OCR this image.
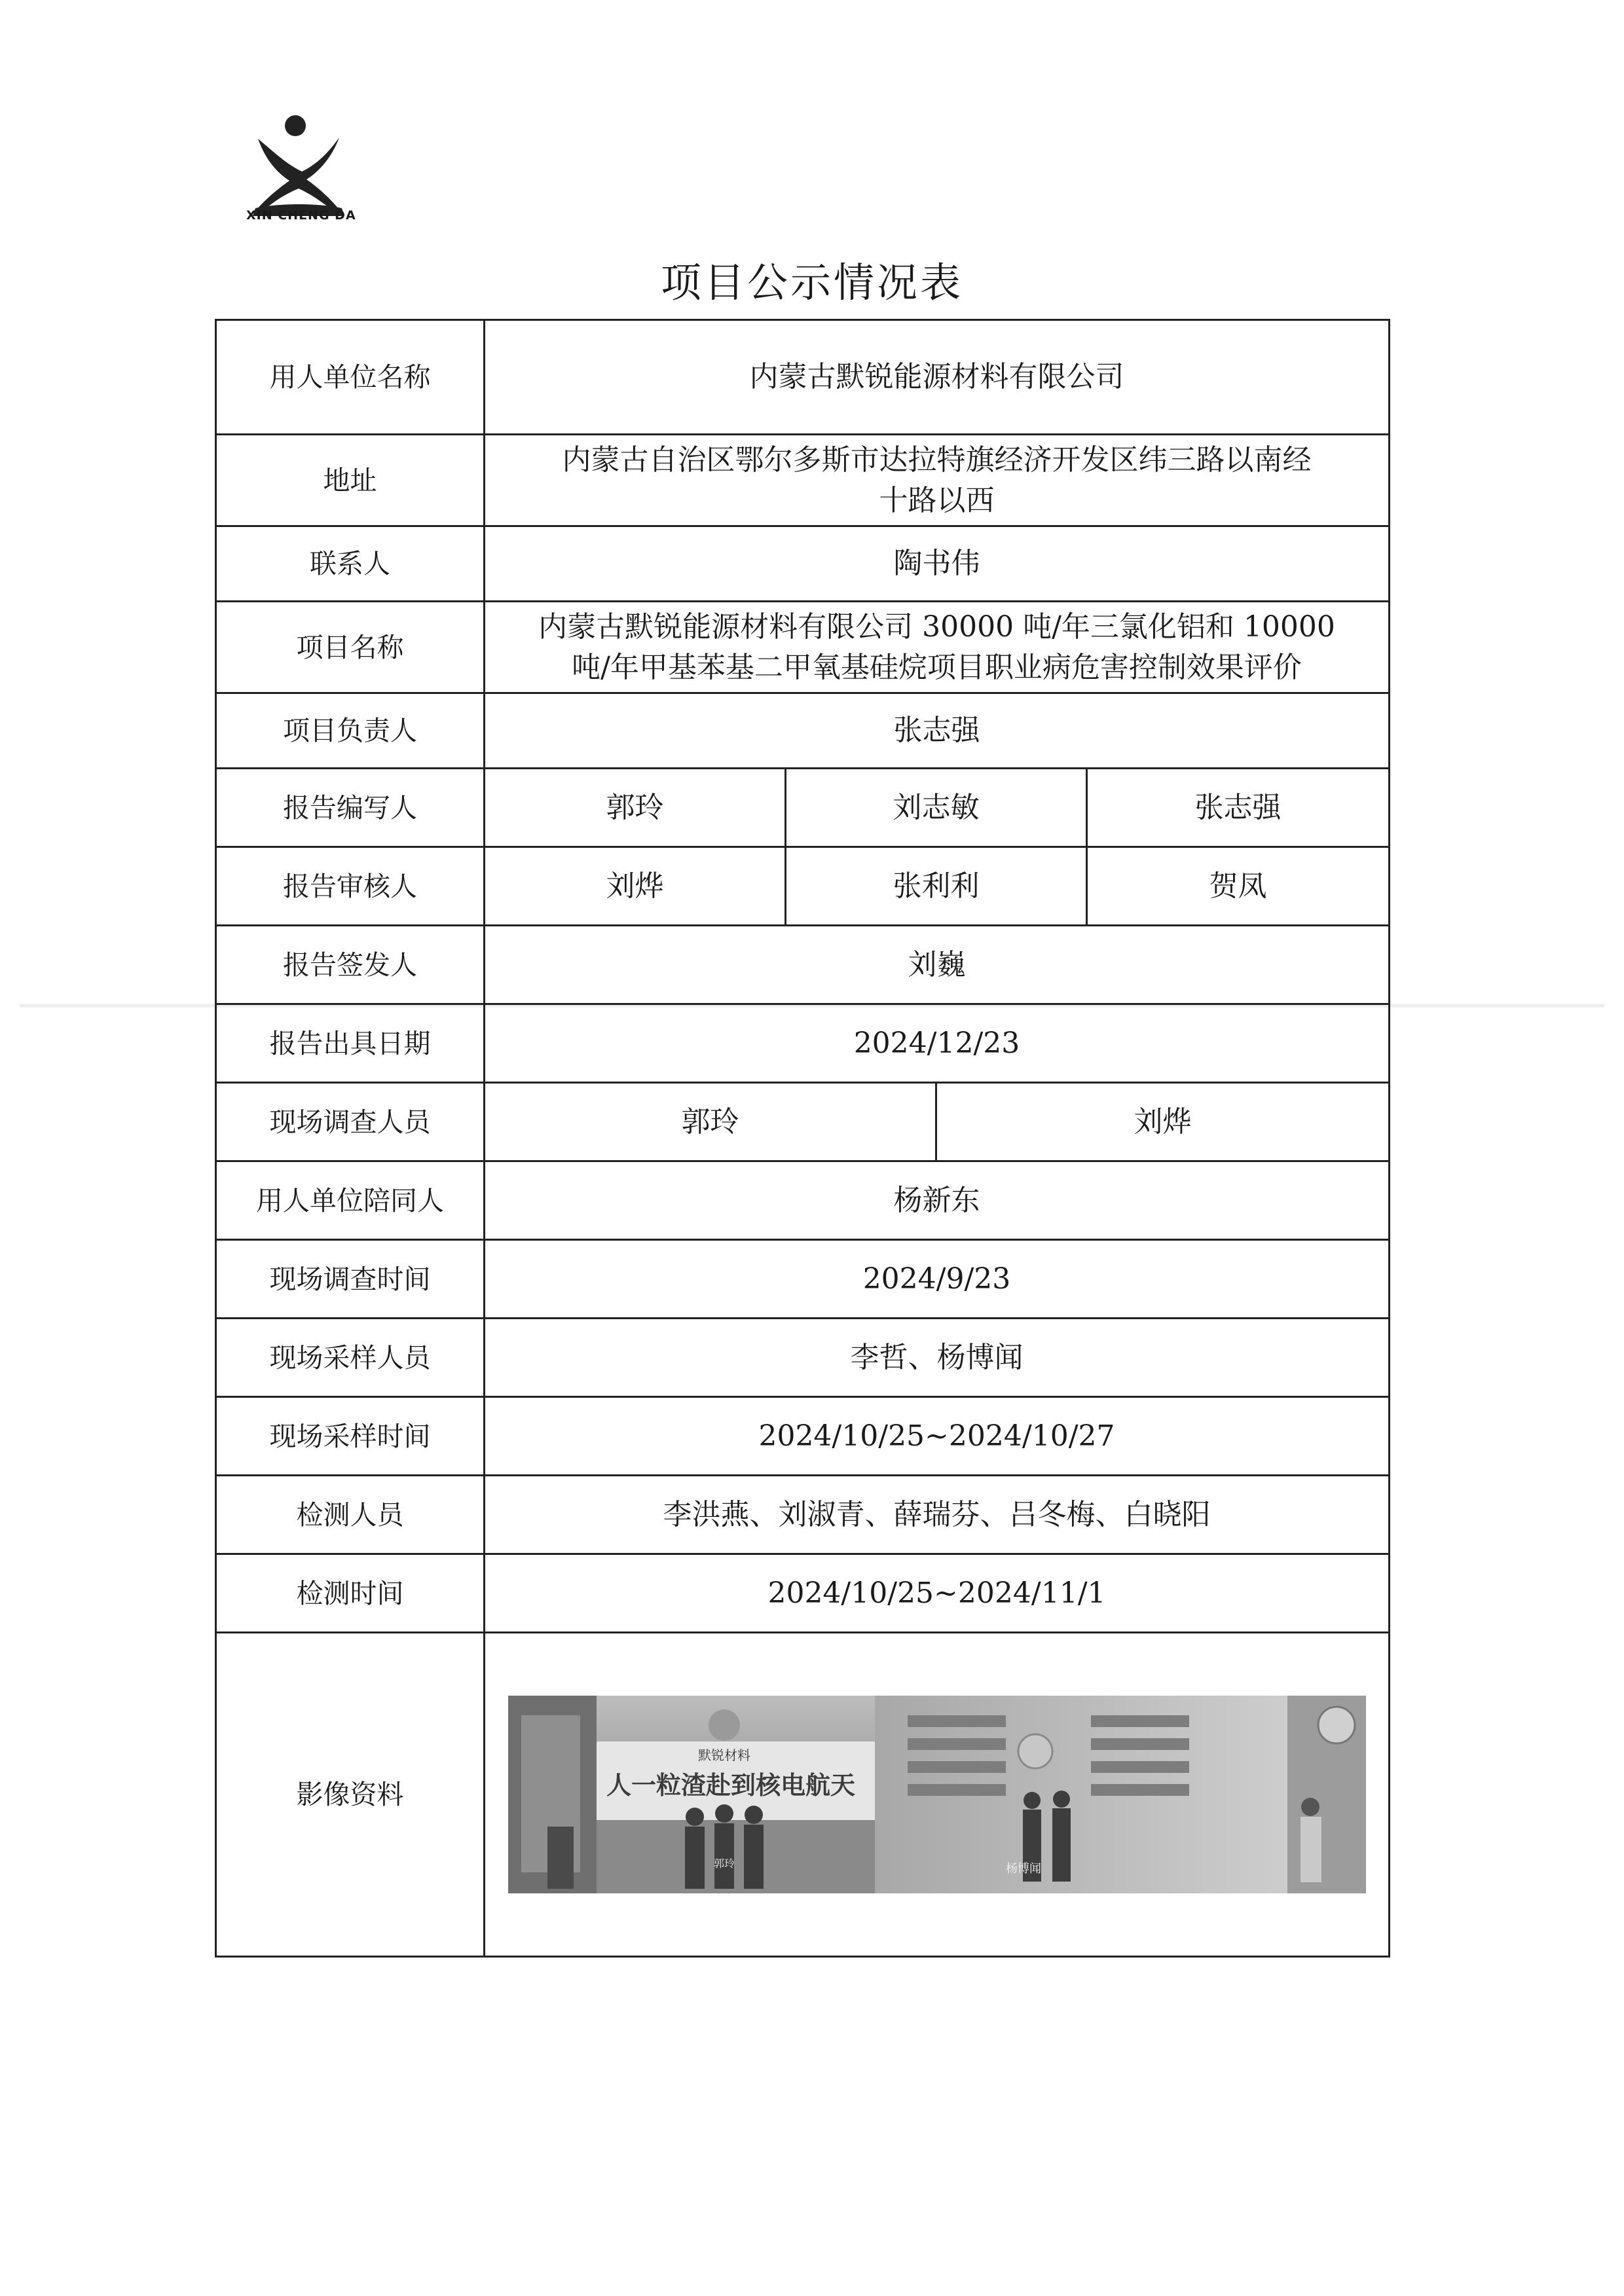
XIN CHENG DA
项目公示情况表
用人单位名称	内蒙古默锐能源材料有限公司			
地址	内蒙古自治区鄂尔多斯市达拉特旗经济开发区纬三路以南经
十路以西			

联系人	陶书伟			
项目名称	内蒙古默锐能源材料有限公司 30000 吨/年三氯化铝和 10000
吨/年甲基苯基二甲氧基硅烷项目职业病危害控制效果评价			

项目负责人	张志强			
报告编写人	郭玲	刘志敏		张志强
报告审核人	刘烨	张利利		贺凤
报告签发人	刘巍			
报告出具日期	2024/12/23			
现场调查人员	郭玲		刘烨	
用人单位陪同人	杨新东			
现场调查时间	2024/9/23			
现场采样人员	李哲、杨博闻			
现场采样时间	2024/10/25~2024/10/27			
检测人员	李洪燕、刘淑青、薛瑞芬、吕冬梅、白晓阳			
检测时间	2024/10/25~2024/11/1			
影像资料	默锐材料
人一粒渣赴到核电航天
郭玲 杨博闻			
